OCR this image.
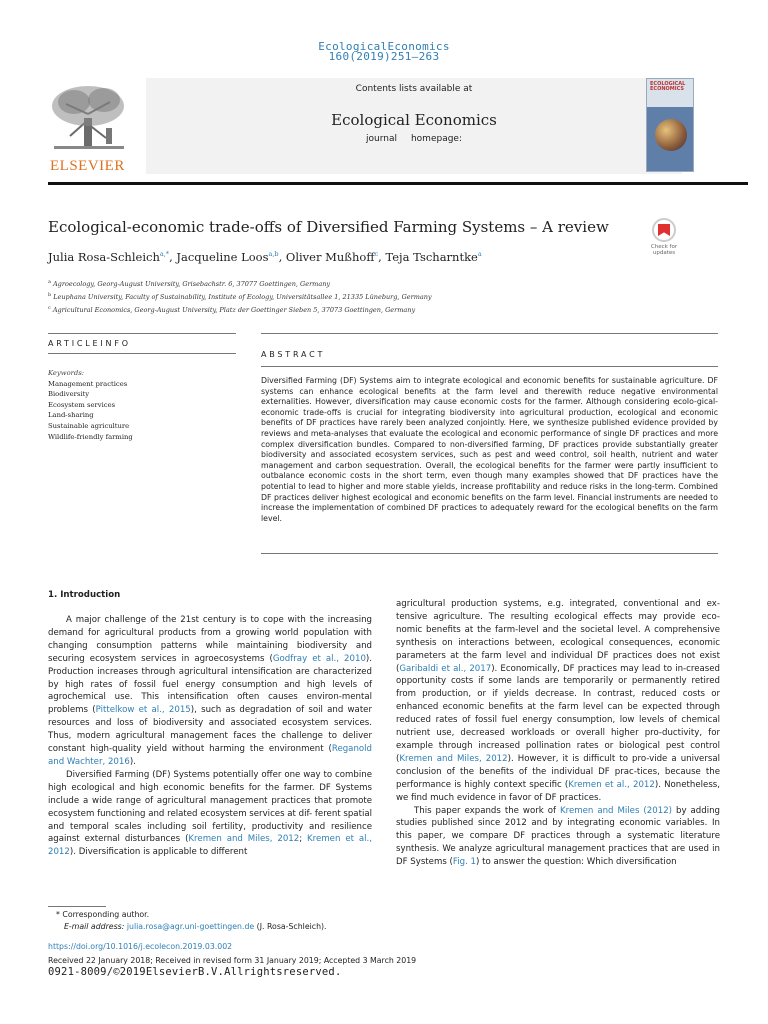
EcologicalEconomics
160(2019)251–263
ELSEVIER
Contents lists available at
Ecological Economics
journal homepage:
ECOLOGICAL ECONOMICS
Ecological-economic trade-offs of Diversified Farming Systems – A review
Check for updates
Julia Rosa-Schleich$^{a,*}$, Jacqueline Loos$^{a,b}$, Oliver Mußhoff$^c$, Teja Tscharntke$^a$
$^a$ Agroecology, Georg-August University, Grisebachstr. 6, 37077 Goettingen, Germany
$^b$ Leuphana University, Faculty of Sustainability, Institute of Ecology, Universitätsallee 1, 21335 Lüneburg, Germany
$^c$ Agricultural Economics, Georg-August University, Platz der Goettinger Sieben 5, 37073 Goettingen, Germany
ARTICLEINFO
ABSTRACT
Keywords:
Management practices
Biodiversity
Ecosystem services
Land-sharing
Sustainable agriculture
Wildlife-friendly farming
Diversified Farming (DF) Systems aim to integrate ecological and economic benefits for sustainable agriculture. DF systems can enhance ecological benefits at the farm level and therewith reduce negative environmental externalities. However, diversification may cause economic costs for the farmer. Although considering ecolo-gical-economic trade-offs is crucial for integrating biodiversity into agricultural production, ecological and economic benefits of DF practices have rarely been analyzed conjointly. Here, we synthesize published evidence provided by reviews and meta-analyses that evaluate the ecological and economic performance of single DF practices and more complex diversification bundles. Compared to non-diversified farming, DF practices provide substantially greater biodiversity and associated ecosystem services, such as pest and weed control, soil health, nutrient and water management and carbon sequestration. Overall, the ecological benefits for the farmer were partly insufficient to outbalance economic costs in the short term, even though many examples showed that DF practices have the potential to lead to higher and more stable yields, increase profitability and reduce risks in the long-term. Combined DF practices deliver highest ecological and economic benefits on the farm level. Financial instruments are needed to increase the implementation of combined DF practices to adequately reward for the ecological benefits on the farm level.
1. Introduction

A major challenge of the 21st century is to cope with the increasing demand for agricultural products from a growing world population with changing consumption patterns while maintaining biodiversity and securing ecosystem services in agroecosystems (Godfray et al., 2010). Production increases through agricultural intensification are characterized by high rates of fossil fuel energy consumption and high levels of agrochemical use. This intensification often causes environ-mental problems (Pittelkow et al., 2015), such as degradation of soil and water resources and loss of biodiversity and associated ecosystem services. Thus, modern agricultural management faces the challenge to deliver constant high-quality yield without harming the environment (Reganold and Wachter, 2016).

Diversified Farming (DF) Systems potentially offer one way to combine high ecological and high economic benefits for the farmer. DF Systems include a wide range of agricultural management practices that promote ecosystem functioning and related ecosystem services at dif- ferent spatial and temporal scales including soil fertility, productivity and resilience against external disturbances (Kremen and Miles, 2012; Kremen et al., 2012). Diversification is applicable to different

agricultural production systems, e.g. integrated, conventional and ex-tensive agriculture. The resulting ecological effects may provide eco-nomic benefits at the farm-level and the societal level. A comprehensive synthesis on interactions between, ecological consequences, economic parameters at the farm level and individual DF practices does not exist (Garibaldi et al., 2017). Economically, DF practices may lead to in-creased opportunity costs if some lands are temporarily or permanently retired from production, or if yields decrease. In contrast, reduced costs or enhanced economic benefits at the farm level can be expected through reduced rates of fossil fuel energy consumption, low levels of chemical nutrient use, decreased workloads or overall higher pro-ductivity, for example through increased pollination rates or biological pest control (Kremen and Miles, 2012). However, it is difficult to pro-vide a universal conclusion of the benefits of the individual DF prac-tices, because the performance is highly context specific (Kremen et al., 2012). Nonetheless, we find much evidence in favor of DF practices.

This paper expands the work of Kremen and Miles (2012) by adding studies published since 2012 and by integrating economic variables. In this paper, we compare DF practices through a systematic literature synthesis. We analyze agricultural management practices that are used in DF Systems (Fig. 1) to answer the question: Which diversification

* Corresponding author.
E-mail address: julia.rosa@agr.uni-goettingen.de (J. Rosa-Schleich).
https://doi.org/10.1016/j.ecolecon.2019.03.002
Received 22 January 2018; Received in revised form 31 January 2019; Accepted 3 March 2019
0921-8009/©2019ElsevierB.V.Allrightsreserved.
